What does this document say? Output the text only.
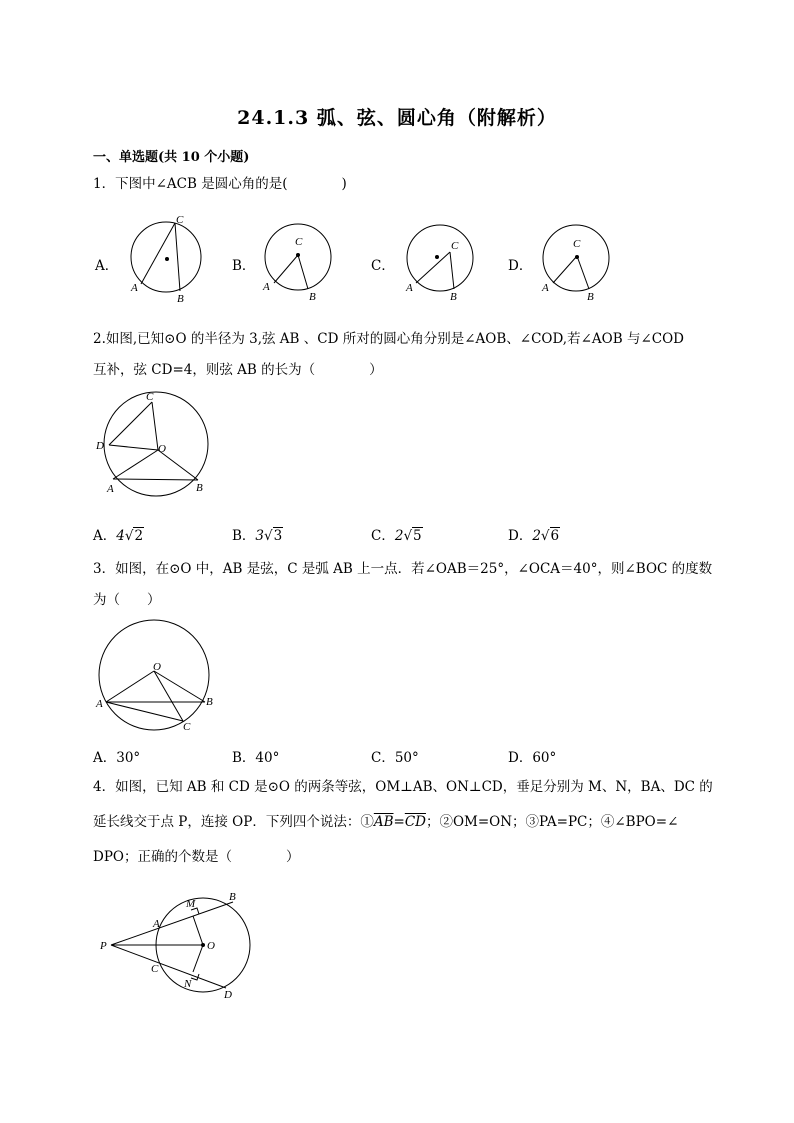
24.1.3 弧、弦、圆心角（附解析）
一、单选题(共 10 个小题)
1．下图中∠ACB 是圆心角的是(　　　　)
A．
C
A
B
B．
C
A
B
C．
C
A
B
D．
C
A
B
2.如图,已知⊙O 的半径为 3,弦 AB 、CD 所对的圆心角分别是∠AOB、∠COD,若∠AOB 与∠COD
互补，弦 CD=4，则弦 AB 的长为（　　　　）
C
D	O
A	B
A．4√2	B．3√3	C．2√5	D．2√6
3．如图，在⊙O 中，AB 是弦，C 是弧 AB 上一点．若∠OAB＝25°，∠OCA＝40°，则∠BOC 的度数
为（　　）
O
A	B
C
A．30°	B．40°	C．50°	D．60°
4．如图，已知 AB 和 CD 是⊙O 的两条等弦，OM⊥AB、ON⊥CD，垂足分别为 M、N，BA、DC 的
延长线交于点 P，连接 OP．下列四个说法：$①\overline{AB}=\overline{CD}$；②OM=ON；③PA=PC；④∠BPO=∠
DPO；正确的个数是（　　　　）
P
A
M
B
O
C
N
D
